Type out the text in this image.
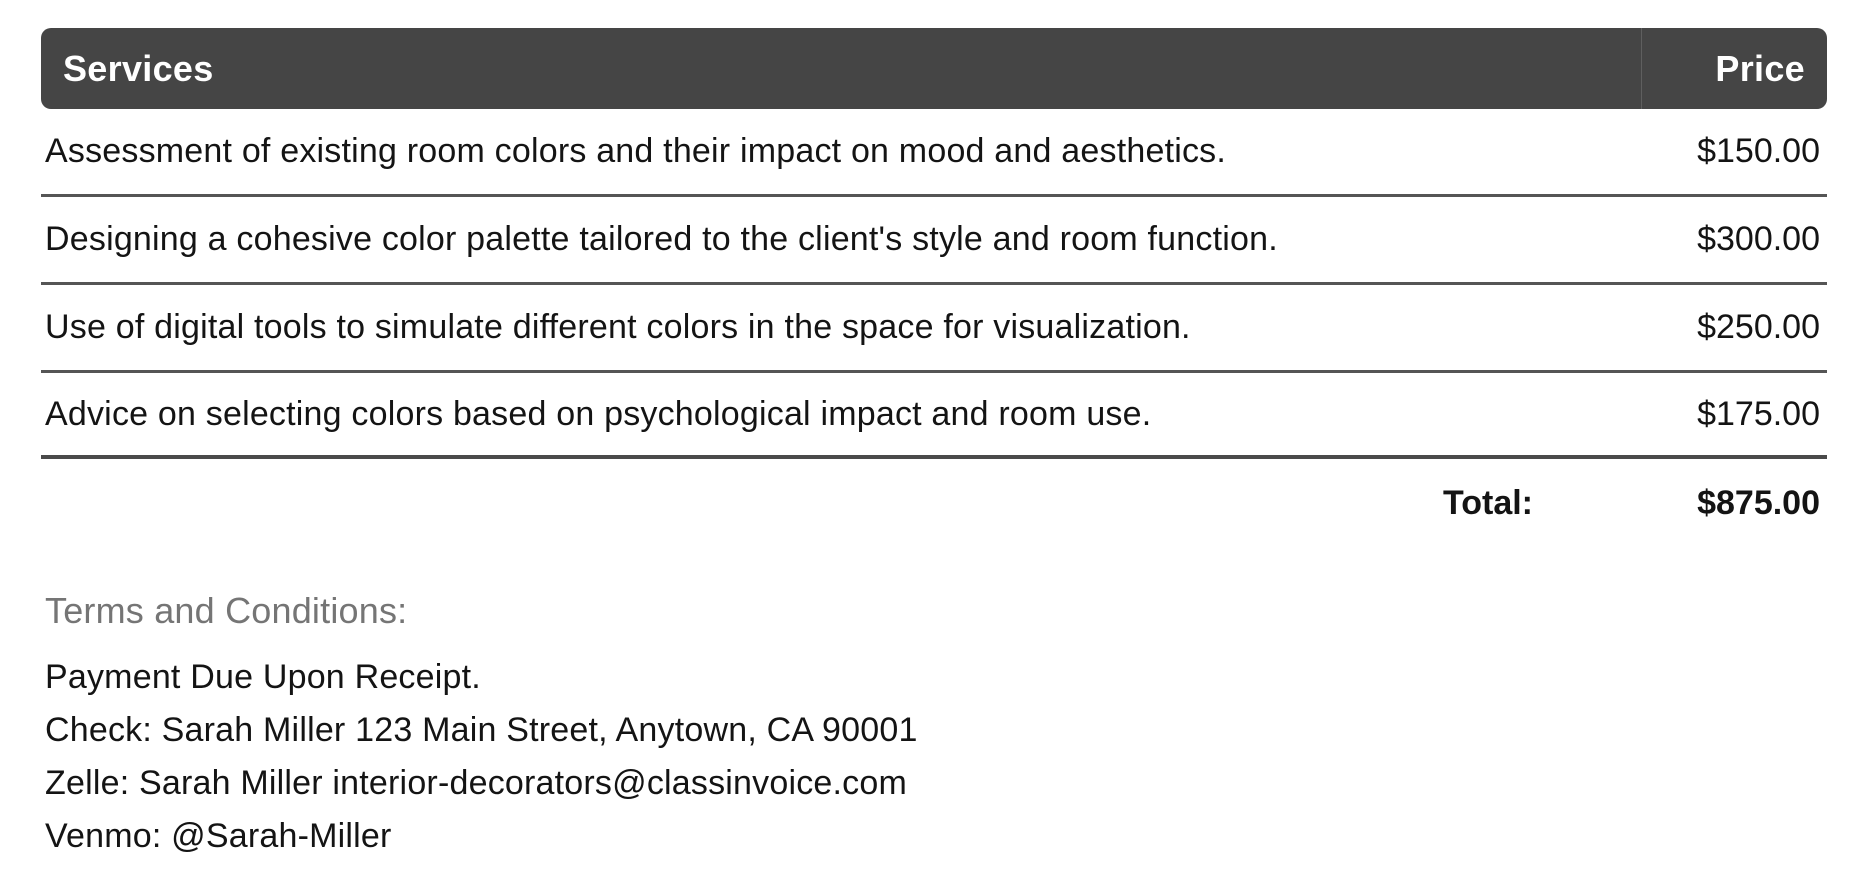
Services	Price
Assessment of existing room colors and their impact on mood and aesthetics.	$150.00
Designing a cohesive color palette tailored to the client's style and room function.	$300.00
Use of digital tools to simulate different colors in the space for visualization.	$250.00
Advice on selecting colors based on psychological impact and room use.	$175.00
Total:	$875.00
Terms and Conditions:
Payment Due Upon Receipt.
Check: Sarah Miller 123 Main Street, Anytown, CA 90001
Zelle: Sarah Miller interior-decorators@classinvoice.com
Venmo: @Sarah-Miller
